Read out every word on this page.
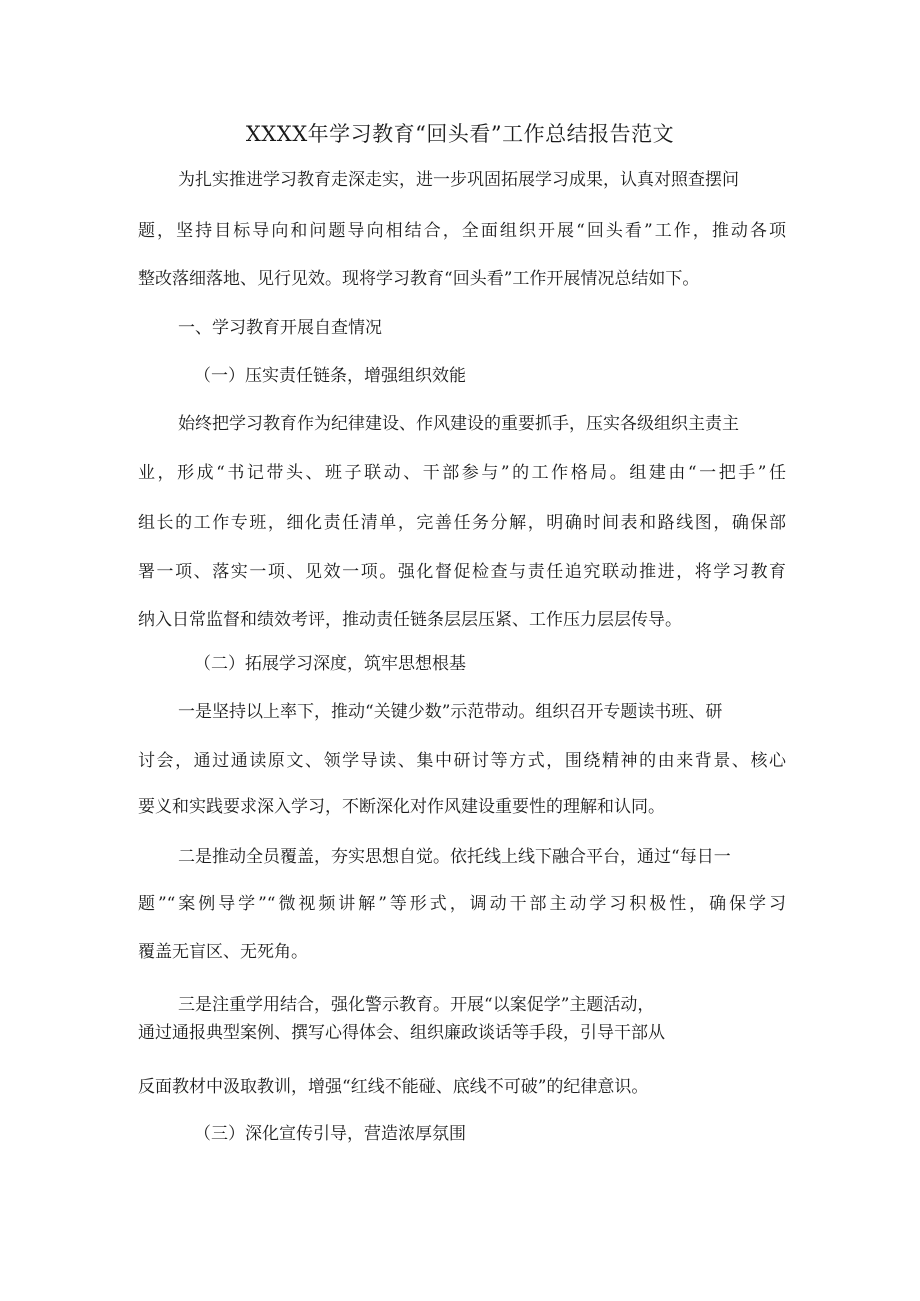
XXXX年学习教育“回头看”工作总结报告范文
为扎实推进学习教育走深走实，进一步巩固拓展学习成果，认真对照查摆问
题，坚持目标导向和问题导向相结合，全面组织开展“回头看”工作，推动各项
整改落细落地、见行见效。现将学习教育“回头看”工作开展情况总结如下。
一、学习教育开展自查情况
（一）压实责任链条，增强组织效能
始终把学习教育作为纪律建设、作风建设的重要抓手，压实各级组织主责主
业，形成“书记带头、班子联动、干部参与”的工作格局。组建由“一把手”任
组长的工作专班，细化责任清单，完善任务分解，明确时间表和路线图，确保部
署一项、落实一项、见效一项。强化督促检查与责任追究联动推进，将学习教育
纳入日常监督和绩效考评，推动责任链条层层压紧、工作压力层层传导。
（二）拓展学习深度，筑牢思想根基
一是坚持以上率下，推动“关键少数”示范带动。组织召开专题读书班、研
讨会，通过通读原文、领学导读、集中研讨等方式，围绕精神的由来背景、核心
要义和实践要求深入学习，不断深化对作风建设重要性的理解和认同。
二是推动全员覆盖，夯实思想自觉。依托线上线下融合平台，通过“每日一
题”“案例导学”“微视频讲解”等形式，调动干部主动学习积极性，确保学习
覆盖无盲区、无死角。
三是注重学用结合，强化警示教育。开展“以案促学”主题活动，
通过通报典型案例、撰写心得体会、组织廉政谈话等手段，引导干部从
反面教材中汲取教训，增强“红线不能碰、底线不可破”的纪律意识。
（三）深化宣传引导，营造浓厚氛围
